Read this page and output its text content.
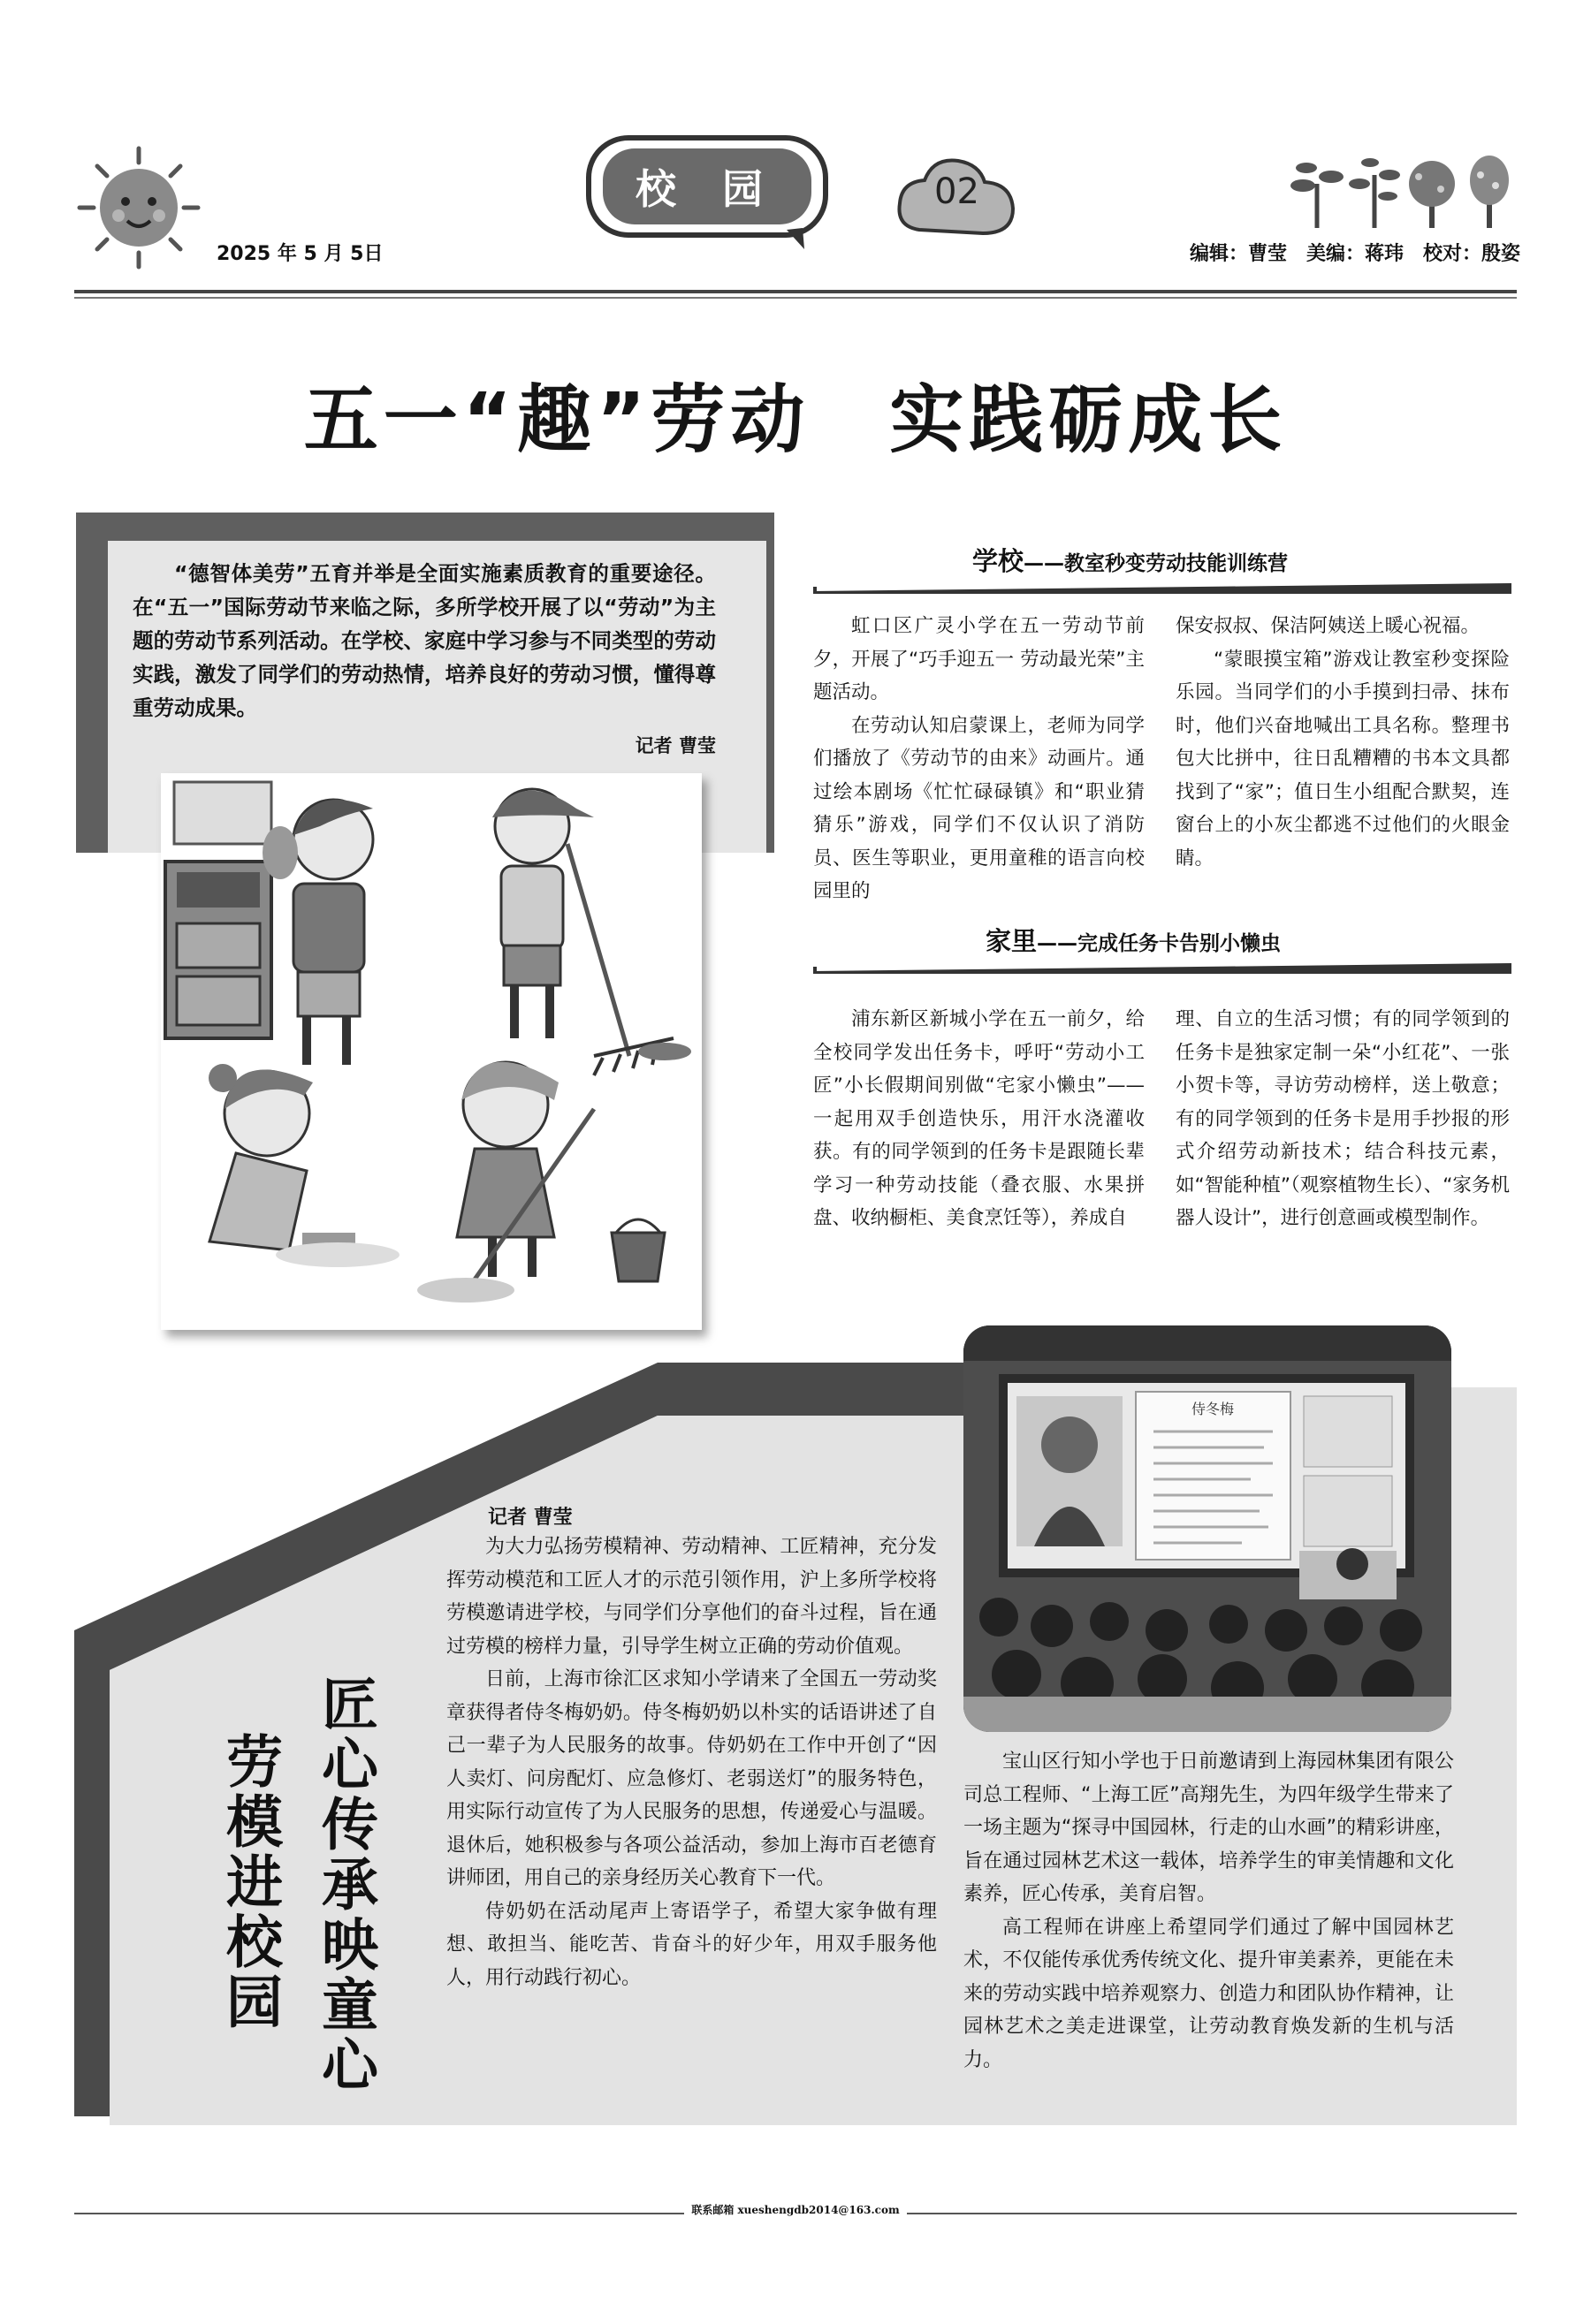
2025 年 5 月 5日
校 园	02
编辑：曹莹　美编：蒋玮　校对：殷姿
五一“趣”劳动　实践砺成长
“德智体美劳”五育并举是全面实施素质教育的重要途径。在“五一”国际劳动节来临之际，多所学校开展了以“劳动”为主题的劳动节系列活动。在学校、家庭中学习参与不同类型的劳动实践，激发了同学们的劳动热情，培养良好的劳动习惯，懂得尊重劳动成果。
记者 曹莹
学校——教室秒变劳动技能训练营

虹口区广灵小学在五一劳动节前夕，开展了“巧手迎五一 劳动最光荣”主题活动。

在劳动认知启蒙课上，老师为同学们播放了《劳动节的由来》动画片。通过绘本剧场《忙忙碌碌镇》和“职业猜猜乐”游戏，同学们不仅认识了消防员、医生等职业，更用童稚的语言向校园里的

保安叔叔、保洁阿姨送上暖心祝福。

“蒙眼摸宝箱”游戏让教室秒变探险乐园。当同学们的小手摸到扫帚、抹布时，他们兴奋地喊出工具名称。整理书包大比拼中，往日乱糟糟的书本文具都找到了“家”；值日生小组配合默契，连窗台上的小灰尘都逃不过他们的火眼金睛。

家里——完成任务卡告别小懒虫

浦东新区新城小学在五一前夕，给全校同学发出任务卡，呼吁“劳动小工匠”小长假期间别做“宅家小懒虫”——一起用双手创造快乐，用汗水浇灌收获。有的同学领到的任务卡是跟随长辈学习一种劳动技能（叠衣服、水果拼盘、收纳橱柜、美食烹饪等），养成自

理、自立的生活习惯；有的同学领到的任务卡是独家定制一朵“小红花”、一张小贺卡等，寻访劳动榜样，送上敬意；有的同学领到的任务卡是用手抄报的形式介绍劳动新技术；结合科技元素，如“智能种植”（观察植物生长）、“家务机器人设计”，进行创意画或模型制作。

侍冬梅
记者 曹莹

为大力弘扬劳模精神、劳动精神、工匠精神，充分发挥劳动模范和工匠人才的示范引领作用，沪上多所学校将劳模邀请进学校，与同学们分享他们的奋斗过程，旨在通过劳模的榜样力量，引导学生树立正确的劳动价值观。

日前，上海市徐汇区求知小学请来了全国五一劳动奖章获得者侍冬梅奶奶。侍冬梅奶奶以朴实的话语讲述了自己一辈子为人民服务的故事。侍奶奶在工作中开创了“因人卖灯、问房配灯、应急修灯、老弱送灯”的服务特色，用实际行动宣传了为人民服务的思想，传递爱心与温暖。退休后，她积极参与各项公益活动，参加上海市百老德育讲师团，用自己的亲身经历关心教育下一代。

侍奶奶在活动尾声上寄语学子，希望大家争做有理想、敢担当、能吃苦、肯奋斗的好少年，用双手服务他人，用行动践行初心。

宝山区行知小学也于日前邀请到上海园林集团有限公司总工程师、“上海工匠”高翔先生，为四年级学生带来了一场主题为“探寻中国园林，行走的山水画”的精彩讲座，旨在通过园林艺术这一载体，培养学生的审美情趣和文化素养，匠心传承，美育启智。

高工程师在讲座上希望同学们通过了解中国园林艺术，不仅能传承优秀传统文化、提升审美素养，更能在未来的劳动实践中培养观察力、创造力和团队协作精神，让园林艺术之美走进课堂，让劳动教育焕发新的生机与活力。

匠心传承映童心
劳模进校园
联系邮箱 xueshengdb2014@163.com
